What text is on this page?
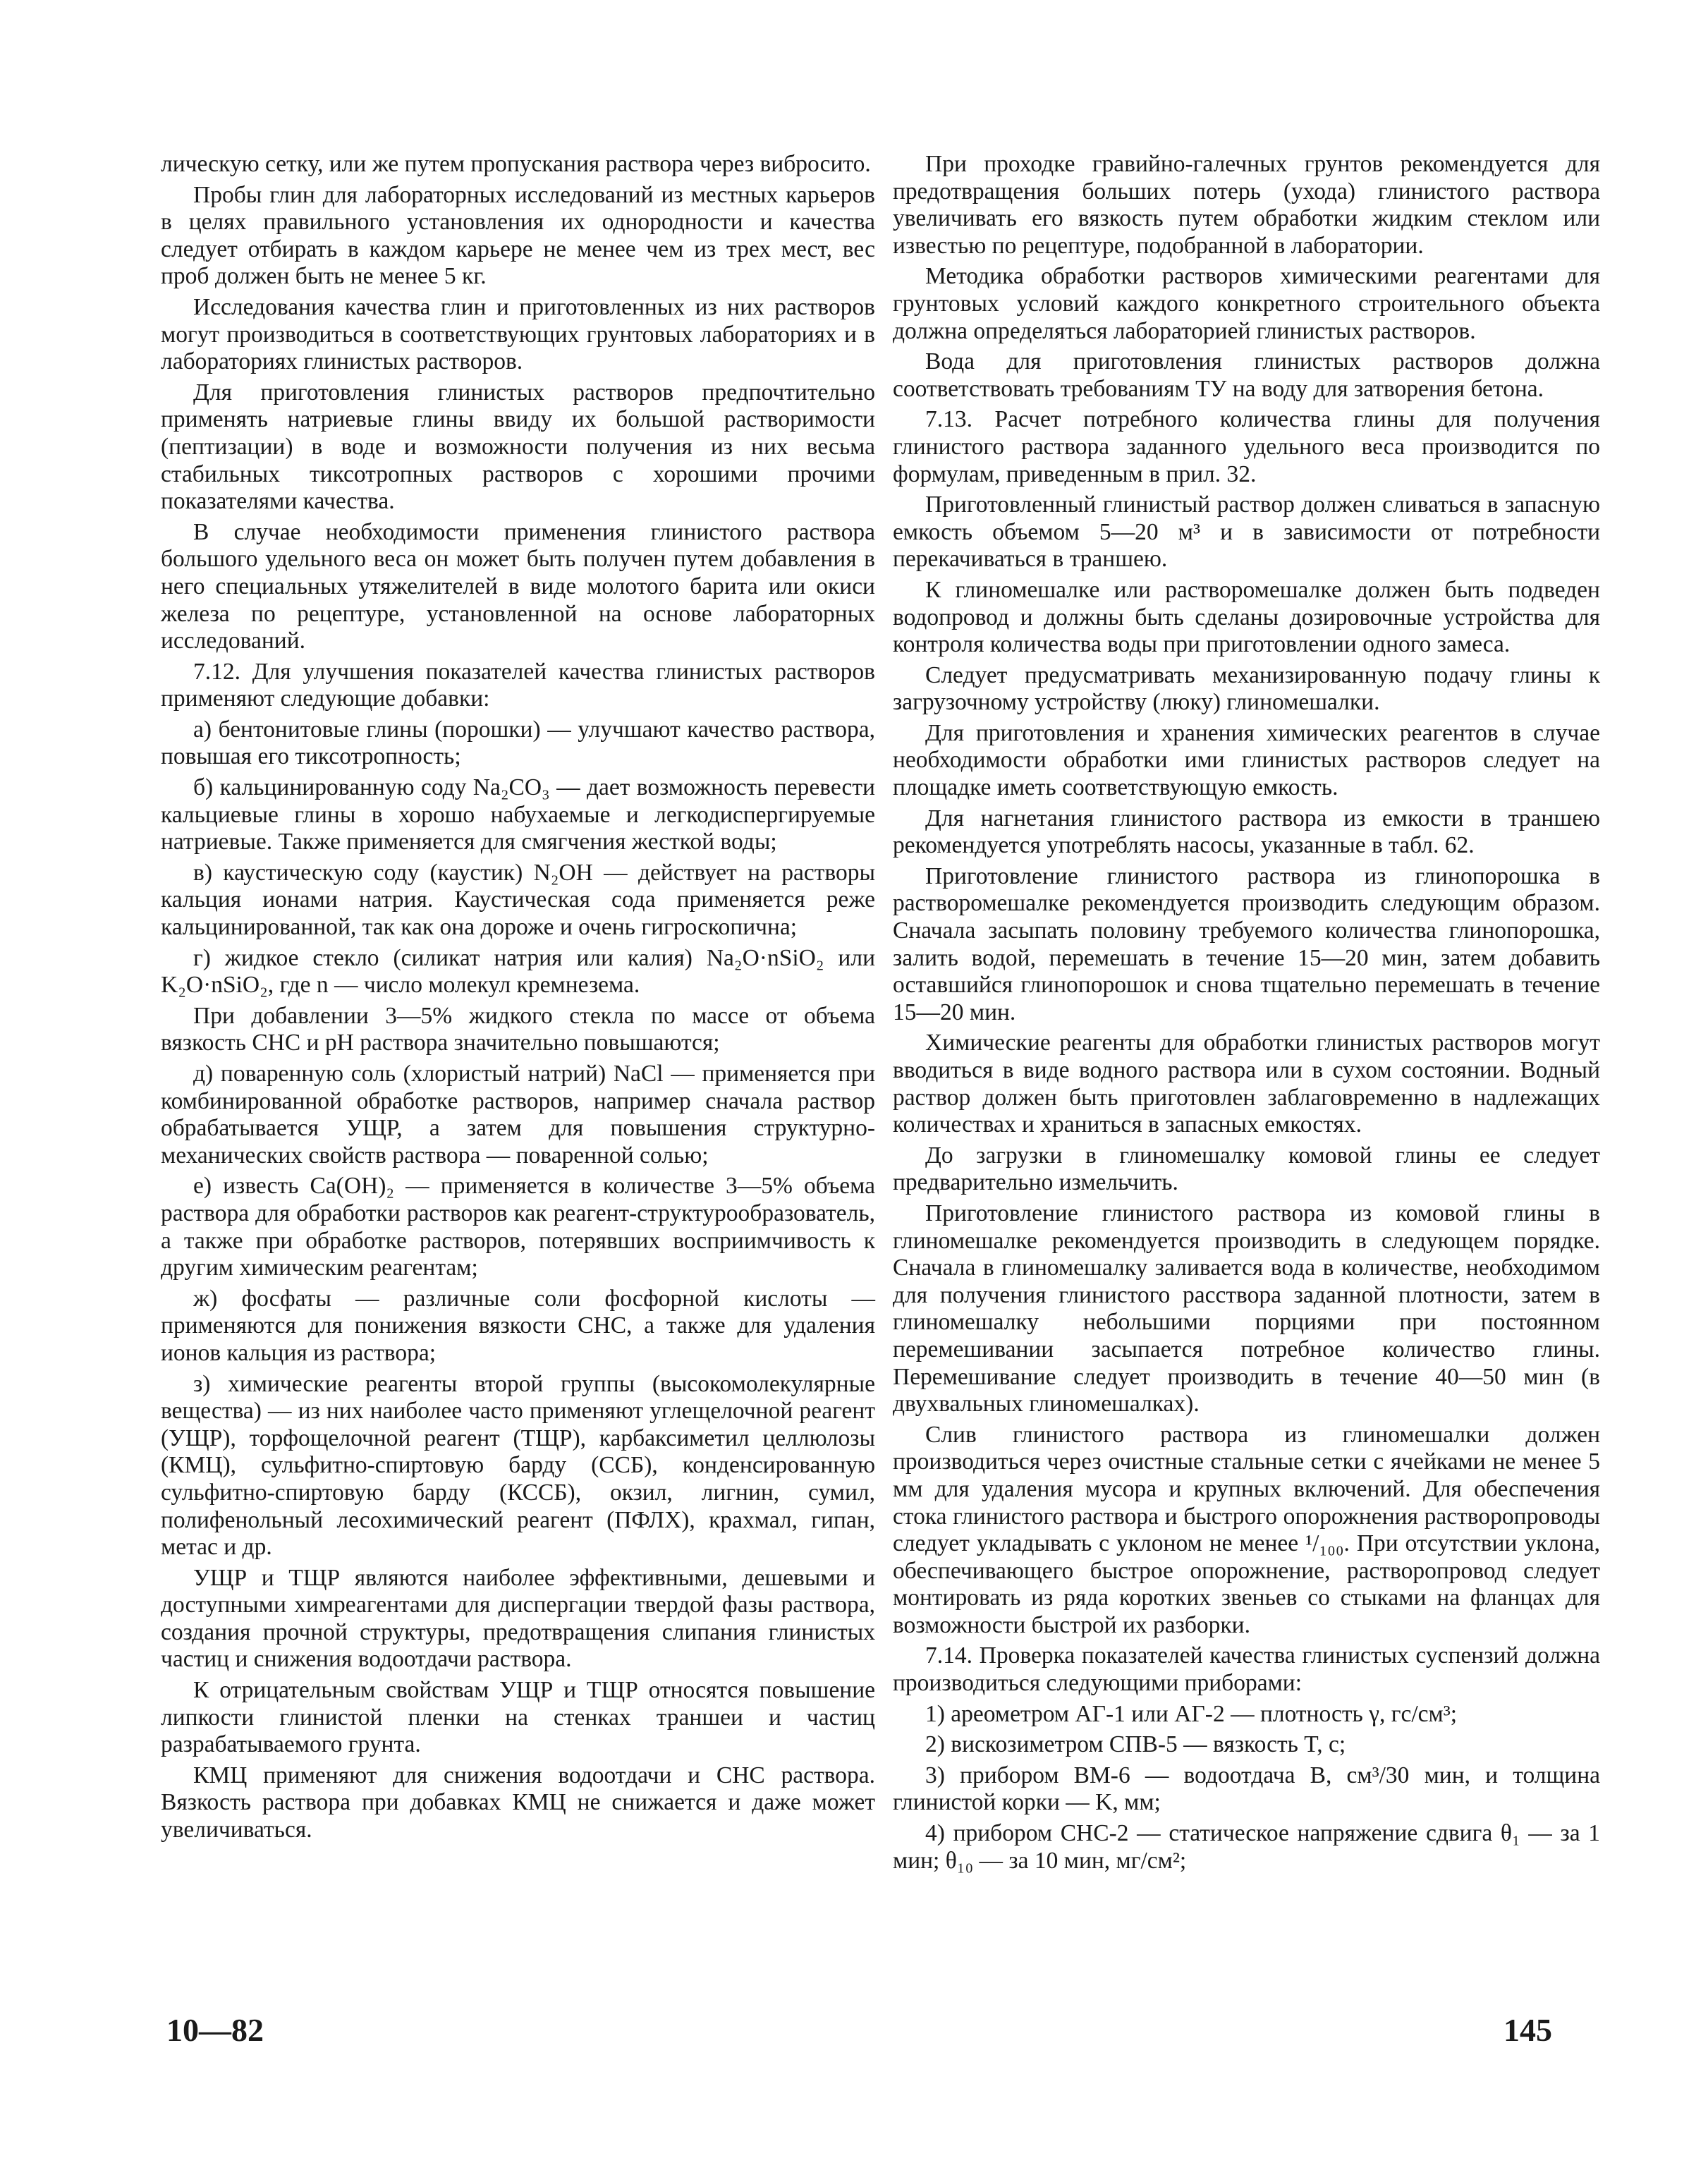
лическую сетку, или же путем пропускания раствора через вибросито.

Пробы глин для лабораторных исследований из местных карьеров в целях правильного установления их однородности и качества следует отбирать в каждом карьере не менее чем из трех мест, вес проб должен быть не менее 5 кг.

Исследования качества глин и приготовленных из них растворов могут производиться в соответствующих грунтовых лабораториях и в лабораториях глинистых растворов.

Для приготовления глинистых растворов предпочтительно применять натриевые глины ввиду их большой растворимости (пептизации) в воде и возможности получения из них весьма стабильных тиксотропных растворов с хорошими прочими показателями качества.

В случае необходимости применения глинистого раствора большого удельного веса он может быть получен путем добавления в него специальных утяжелителей в виде молотого барита или окиси железа по рецептуре, установленной на основе лабораторных исследований.

7.12. Для улучшения показателей качества глинистых растворов применяют следующие добавки:

а) бентонитовые глины (порошки) — улучшают качество раствора, повышая его тиксотропность;

б) кальцинированную соду Na₂CO₃ — дает возможность перевести кальциевые глины в хорошо набухаемые и легкодиспергируемые натриевые. Также применяется для смягчения жесткой воды;

в) каустическую соду (каустик) N₂OH — действует на растворы кальция ионами натрия. Каустическая сода применяется реже кальцинированной, так как она дороже и очень гигроскопична;

г) жидкое стекло (силикат натрия или калия) Na₂O·nSiO₂ или K₂O·nSiO₂, где n — число молекул кремнезема.

При добавлении 3—5% жидкого стекла по массе от объема вязкость СНС и pH раствора значительно повышаются;

д) поваренную соль (хлористый натрий) NaCl — применяется при комбинированной обработке растворов, например сначала раствор обрабатывается УЩР, а затем для повышения структурно-механических свойств раствора — поваренной солью;

е) известь Ca(OH)₂ — применяется в количестве 3—5% объема раствора для обработки растворов как реагент-структурообразователь, а также при обработке растворов, потерявших восприимчивость к другим химическим реагентам;

ж) фосфаты — различные соли фосфорной кислоты — применяются для понижения вязкости СНС, а также для удаления ионов кальция из раствора;

з) химические реагенты второй группы (высокомолекулярные вещества) — из них наиболее часто применяют углещелочной реагент (УЩР), торфощелочной реагент (ТЩР), карбаксиметил целлюлозы (КМЦ), сульфитно-спиртовую барду (ССБ), конденсированную сульфитно-спиртовую барду (КССБ), окзил, лигнин, сумил, полифенольный лесохимический реагент (ПФЛХ), крахмал, гипан, метас и др.

УЩР и ТЩР являются наиболее эффективными, дешевыми и доступными химреагентами для диспергации твердой фазы раствора, создания прочной структуры, предотвращения слипания глинистых частиц и снижения водоотдачи раствора.

К отрицательным свойствам УЩР и ТЩР относятся повышение липкости глинистой пленки на стенках траншеи и частиц разрабатываемого грунта.

КМЦ применяют для снижения водоотдачи и СНС раствора. Вязкость раствора при добавках КМЦ не снижается и даже может увеличиваться.

При проходке гравийно-галечных грунтов рекомендуется для предотвращения больших потерь (ухода) глинистого раствора увеличивать его вязкость путем обработки жидким стеклом или известью по рецептуре, подобранной в лаборатории.

Методика обработки растворов химическими реагентами для грунтовых условий каждого конкретного строительного объекта должна определяться лабораторией глинистых растворов.

Вода для приготовления глинистых растворов должна соответствовать требованиям ТУ на воду для затворения бетона.

7.13. Расчет потребного количества глины для получения глинистого раствора заданного удельного веса производится по формулам, приведенным в прил. 32.

Приготовленный глинистый раствор должен сливаться в запасную емкость объемом 5—20 м³ и в зависимости от потребности перекачиваться в траншею.

К глиномешалке или растворомешалке должен быть подведен водопровод и должны быть сделаны дозировочные устройства для контроля количества воды при приготовлении одного замеса.

Следует предусматривать механизированную подачу глины к загрузочному устройству (люку) глиномешалки.

Для приготовления и хранения химических реагентов в случае необходимости обработки ими глинистых растворов следует на площадке иметь соответствующую емкость.

Для нагнетания глинистого раствора из емкости в траншею рекомендуется употреблять насосы, указанные в табл. 62.

Приготовление глинистого раствора из глинопорошка в растворомешалке рекомендуется производить следующим образом. Сначала засыпать половину требуемого количества глинопорошка, залить водой, перемешать в течение 15—20 мин, затем добавить оставшийся глинопорошок и снова тщательно перемешать в течение 15—20 мин.

Химические реагенты для обработки глинистых растворов могут вводиться в виде водного раствора или в сухом состоянии. Водный раствор должен быть приготовлен заблаговременно в надлежащих количествах и храниться в запасных емкостях.

До загрузки в глиномешалку комовой глины ее следует предварительно измельчить.

Приготовление глинистого раствора из комовой глины в глиномешалке рекомендуется производить в следующем порядке. Сначала в глиномешалку заливается вода в количестве, необходимом для получения глинистого расствора заданной плотности, затем в глиномешалку небольшими порциями при постоянном перемешивании засыпается потребное количество глины. Перемешивание следует производить в течение 40—50 мин (в двухвальных глиномешалках).

Слив глинистого раствора из глиномешалки должен производиться через очистные стальные сетки с ячейками не менее 5 мм для удаления мусора и крупных включений. Для обеспечения стока глинистого раствора и быстрого опорожнения растворопроводы следует укладывать с уклоном не менее ¹/₁₀₀. При отсутствии уклона, обеспечивающего быстрое опорожнение, растворопровод следует монтировать из ряда коротких звеньев со стыками на фланцах для возможности быстрой их разборки.

7.14. Проверка показателей качества глинистых суспензий должна производиться следующими приборами:

1) ареометром АГ-1 или АГ-2 — плотность γ, гс/см³;

2) вискозиметром СПВ-5 — вязкость T, с;

3) прибором ВМ-6 — водоотдача B, см³/30 мин, и толщина глинистой корки — K, мм;

4) прибором СНС-2 — статическое напряжение сдвига θ₁ — за 1 мин; θ₁₀ — за 10 мин, мг/см²;

10—82	145
